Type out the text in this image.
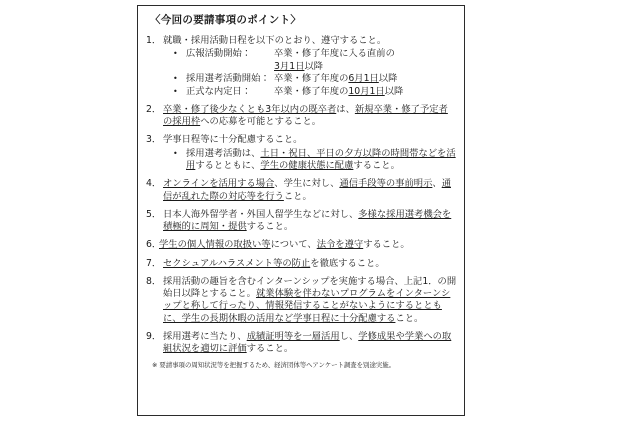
〈今回の要請事項のポイント〉
1． 就職・採用活動日程を以下のとおり、遵守すること。
• 広報活動開始： 卒業・修了年度に入る直前の

3月1日以降
• 採用選考活動開始： 卒業・修了年度の6月1日以降
• 正式な内定日： 卒業・修了年度の10月1日以降
2． 卒業・修了後少なくとも3年以内の既卒者は、新規卒業・修了予定者の採用枠への応募を可能とすること。
3． 学事日程等に十分配慮すること。
• 採用選考活動は、土日・祝日、平日の夕方以降の時間帯などを活用するとともに、学生の健康状態に配慮すること。
4． オンラインを活用する場合、学生に対し、通信手段等の事前明示、通信が乱れた際の対応等を行うこと。
5． 日本人海外留学者・外国人留学生などに対し、多様な採用選考機会を積極的に周知・提供すること。
6．
学生の個人情報の取扱い等について、法令を遵守すること。
7． セクシュアルハラスメント等の防止を徹底すること。
8． 採用活動の趣旨を含むインターンシップを実施する場合、上記1．の開始日以降とすること。就業体験を伴わないプログラムをインターンシップと称して行ったり、情報発信することがないようにするとともに、学生の長期休暇の活用など学事日程に十分配慮すること。
9． 採用選考に当たり、成績証明等を一層活用し、学修成果や学業への取組状況を適切に評価すること。
※ 要請事項の周知状況等を把握するため、経済団体等へアンケート調査を別途実施。
